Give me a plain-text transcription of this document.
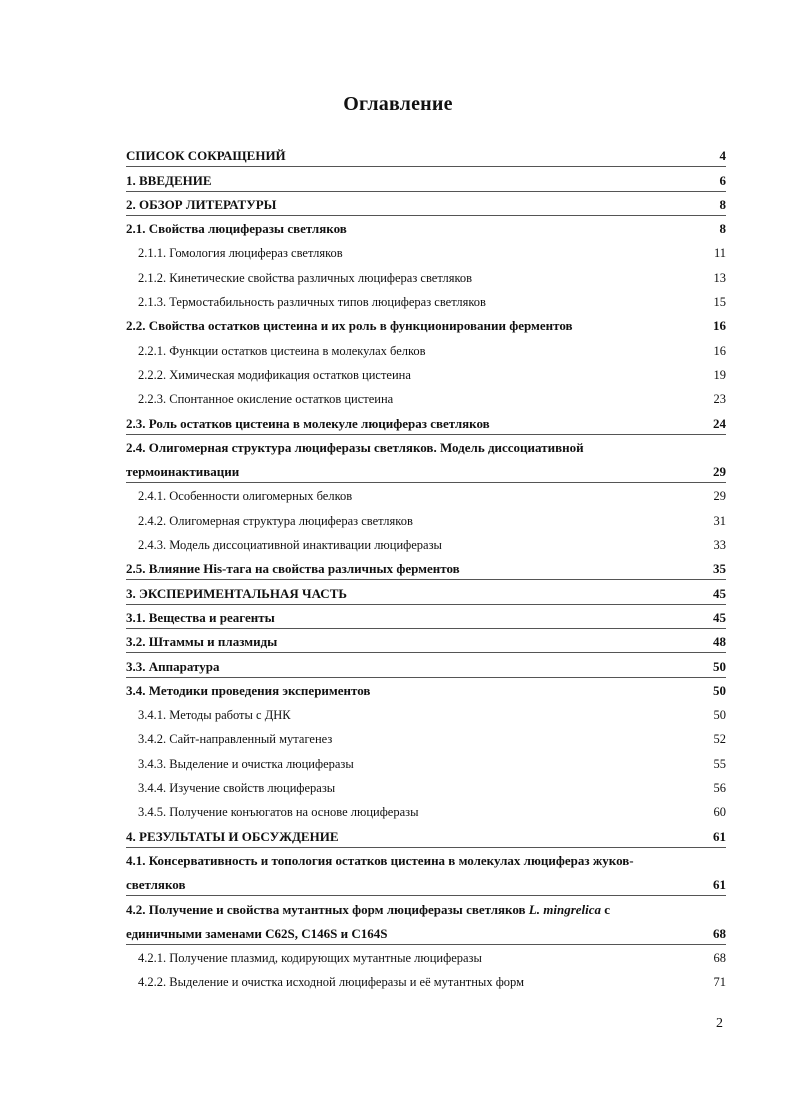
Оглавление
СПИСОК СОКРАЩЕНИЙ	4
1. ВВЕДЕНИЕ	6
2. ОБЗОР ЛИТЕРАТУРЫ	8
2.1. Свойства люциферазы светляков	8
2.1.1. Гомология люцифераз светляков	11
2.1.2. Кинетические свойства различных люцифераз светляков	13
2.1.3. Термостабильность различных типов люцифераз светляков	15
2.2. Свойства остатков цистеина и их роль в функционировании ферментов	16
2.2.1. Функции остатков цистеина в молекулах белков	16
2.2.2. Химическая модификация остатков цистеина	19
2.2.3. Спонтанное окисление остатков цистеина	23
2.3. Роль остатков цистеина в молекуле люцифераз светляков	24
2.4. Олигомерная структура люциферазы светляков. Модель диссоциативной
термоинактивации	29
2.4.1. Особенности олигомерных белков	29
2.4.2. Олигомерная структура люцифераз светляков	31
2.4.3. Модель диссоциативной инактивации люциферазы	33
2.5. Влияние His-тага на свойства различных ферментов	35
3. ЭКСПЕРИМЕНТАЛЬНАЯ ЧАСТЬ	45
3.1. Вещества и реагенты	45
3.2. Штаммы и плазмиды	48
3.3. Аппаратура	50
3.4. Методики проведения экспериментов	50
3.4.1. Методы работы с ДНК	50
3.4.2. Сайт-направленный мутагенез	52
3.4.3. Выделение и очистка люциферазы	55
3.4.4. Изучение свойств люциферазы	56
3.4.5. Получение конъюгатов на основе люциферазы	60
4. РЕЗУЛЬТАТЫ И ОБСУЖДЕНИЕ	61
4.1. Консервативность и топология остатков цистеина в молекулах люцифераз жуков-
светляков	61
4.2. Получение и свойства мутантных форм люциферазы светляков L. mingrelica с
единичными заменами C62S, C146S и C164S	68
4.2.1. Получение плазмид, кодирующих мутантные люциферазы	68
4.2.2. Выделение и очистка исходной люциферазы и её мутантных форм	71
2
